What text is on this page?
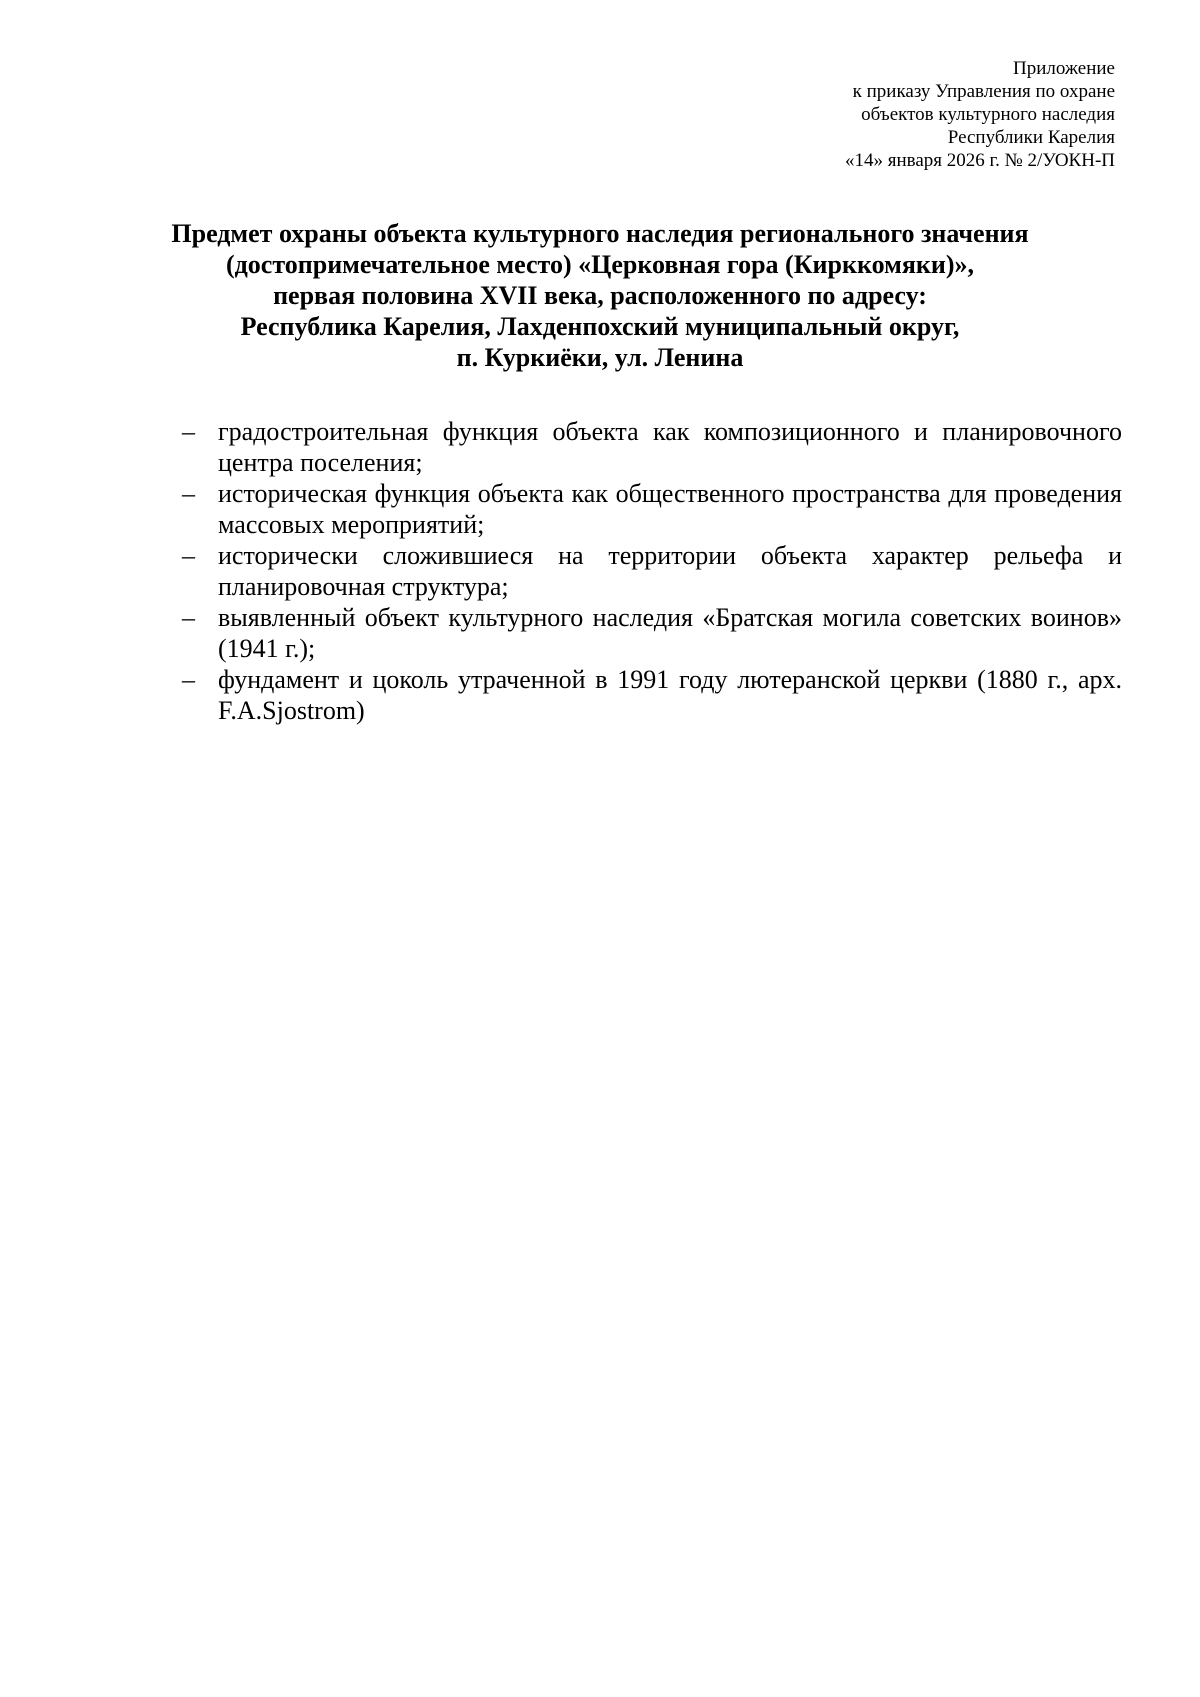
Приложение
к приказу Управления по охране
объектов культурного наследия
Республики Карелия
«14» января 2026 г. № 2/УОКН-П
Предмет охраны объекта культурного наследия регионального значения
(достопримечательное место) «Церковная гора (Кирккомяки)»,
первая половина XVII века, расположенного по адресу:
Республика Карелия, Лахденпохский муниципальный округ,
п. Куркиёки, ул. Ленина
– градостроительная функция объекта как композиционного и планировочного центра поселения;
– историческая функция объекта как общественного пространства для проведения массовых мероприятий;
– исторически сложившиеся на территории объекта характер рельефа и планировочная структура;
– выявленный объект культурного наследия «Братская могила советских воинов» (1941 г.);
– фундамент и цоколь утраченной в 1991 году лютеранской церкви (1880 г., арх. F.A.Sjostrom)
